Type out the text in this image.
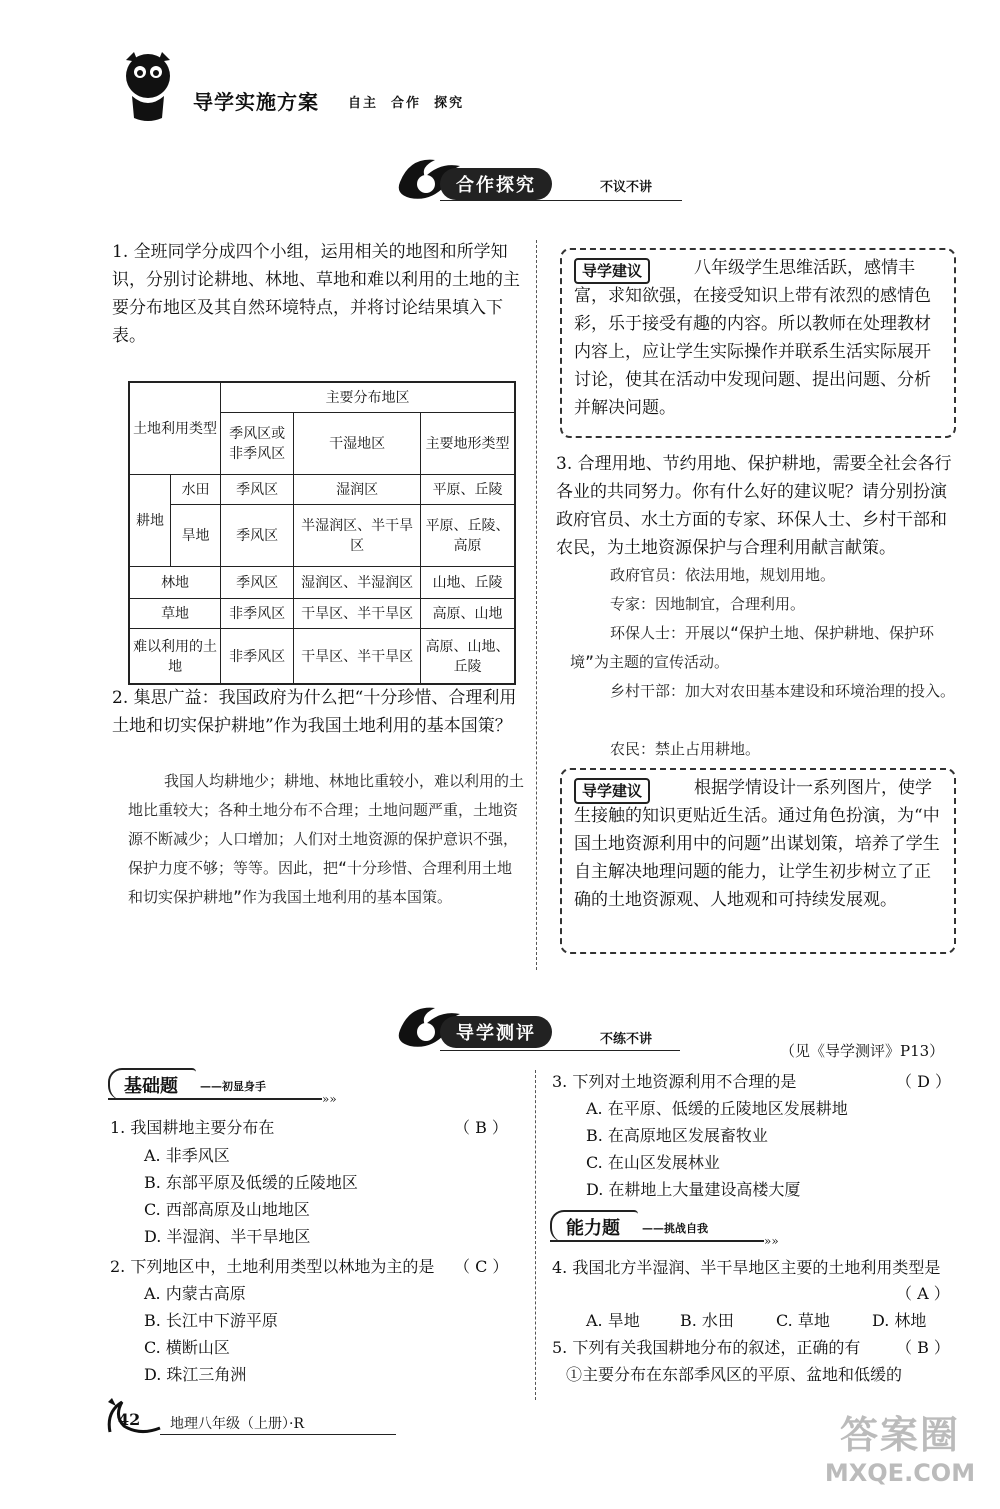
导学实施方案 自主  合作  探究
合作探究	不议不讲
1. 全班同学分成四个小组，运用相关的地图和所学知识，分别讨论耕地、林地、草地和难以利用的土地的主要分布地区及其自然环境特点，并将讨论结果填入下表。
土地利用类型		主要分布地区		
		季风区或非季风区	干湿地区	主要地形类型
耕地	水田	季风区	湿润区	平原、丘陵
	旱地	季风区	半湿润区、半干旱区	平原、丘陵、高原
林地		季风区	湿润区、半湿润区	山地、丘陵
草地		非季风区	干旱区、半干旱区	高原、山地
难以利用的土地		非季风区	干旱区、半干旱区	高原、山地、丘陵
2. 集思广益：我国政府为什么把“十分珍惜、合理利用土地和切实保护耕地”作为我国土地利用的基本国策？
我国人均耕地少；耕地、林地比重较小，难以利用的土地比重较大；各种土地分布不合理；土地问题严重，土地资源不断减少；人口增加；人们对土地资源的保护意识不强，保护力度不够；等等。因此，把“十分珍惜、合理利用土地和切实保护耕地”作为我国土地利用的基本国策。
导学建议	八年级学生思维活跃，感情丰富，求知欲强，在接受知识上带有浓烈的感情色彩，乐于接受有趣的内容。所以教师在处理教材内容上，应让学生实际操作并联系生活实际展开讨论，使其在活动中发现问题、提出问题、分析并解决问题。
3. 合理用地、节约用地、保护耕地，需要全社会各行各业的共同努力。你有什么好的建议呢？请分别扮演政府官员、水土方面的专家、环保人士、乡村干部和农民，为土地资源保护与合理利用献言献策。
政府官员：依法用地，规划用地。
专家：因地制宜，合理利用。
环保人士：开展以“保护土地、保护耕地、保护环境”为主题的宣传活动。
乡村干部：加大对农田基本建设和环境治理的投入。
农民：禁止占用耕地。
导学建议	根据学情设计一系列图片，使学生接触的知识更贴近生活。通过角色扮演，为“中国土地资源利用中的问题”出谋划策，培养了学生自主解决地理问题的能力，让学生初步树立了正确的土地资源观、人地观和可持续发展观。
导学测评	不练不讲
（见《导学测评》P13）
基础题 ——初显身手
»»
1. 我国耕地主要分布在	（ B ）
A. 非季风区
B. 东部平原及低缓的丘陵地区
C. 西部高原及山地地区
D. 半湿润、半干旱地区
2. 下列地区中，土地利用类型以林地为主的是 （ C ）
A. 内蒙古高原
B. 长江中下游平原
C. 横断山区
D. 珠江三角洲
3. 下列对土地资源利用不合理的是	（ D ）
A. 在平原、低缓的丘陵地区发展耕地
B. 在高原地区发展畜牧业
C. 在山区发展林业
D. 在耕地上大量建设高楼大厦
能力题 ——挑战自我
»»
4. 我国北方半湿润、半干旱地区主要的土地利用类型是
（ A ）
A. 旱地	B. 水田	C. 草地	D. 林地
5. 下列有关我国耕地分布的叙述，正确的有 （ B ）
①主要分布在东部季风区的平原、盆地和低缓的
42 地理八年级（上册）·R	答案圈
MXQE.COM
